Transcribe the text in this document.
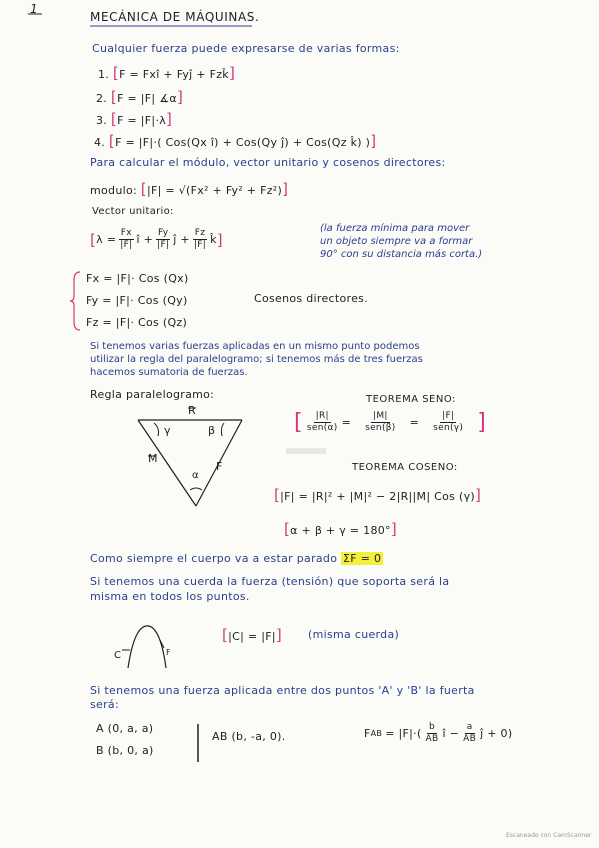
1
MECÁNICA DE MÁQUINAS.
Cualquier fuerza puede expresarse de varias formas:
1. [F = Fxî + Fyĵ + Fzk̂]
2. [F = |F| ∡α]
3. [F = |F|·λ]
4. [F = |F|·( Cos(Qx î) + Cos(Qy ĵ) + Cos(Qz k̂) )]
Para calcular el módulo, vector unitario y cosenos directores:
modulo: [|F| = √(Fx² + Fy² + Fz²)]
Vector unitario:
[ $\lambda = \frac{Fx}{|F|}$ î + $\frac{Fy}{|F|}$ ĵ + $\frac{Fz}{|F|}$ k̂ ]
(la fuerza mínima para mover
un objeto siempre va a formar
90° con su distancia más corta.)
Fx = |F|· Cos (Qx)
Fy = |F|· Cos (Qy)
Fz = |F|· Cos (Qz)
Cosenos directores.
Si tenemos varias fuerzas aplicadas en un mismo punto podemos
utilizar la regla del paralelogramo; si tenemos más de tres fuerzas
hacemos sumatoria de fuerzas.
Regla paralelogramo:
R
M
F
γ	β
α
TEOREMA SENO:
[ $\frac{|R|}{\text{sen(α)}} = \frac{|M|}{\text{sen(β)}} = \frac{|F|}{\text{sen(γ)}}$ ]
TEOREMA COSENO:
[|F| = |R|² + |M|² − 2|R||M| Cos (γ)]
[α + β + γ = 180°]
Como siempre el cuerpo va a estar parado ΣF = 0
Si tenemos una cuerda la fuerza (tensión) que soporta será la
misma en todos los puntos.
[|C| = |F|] (misma cuerda)
C	F
Si tenemos una fuerza aplicada entre dos puntos 'A' y 'B' la fuerta
será:
A (0, a, a)
B (b, 0, a)
AB (b, -a, 0).	F AB = $|F|\cdot( \frac{b}{AB}$ î − $\frac{a}{AB}$ ĵ + 0)
Escaneado con CamScanner
